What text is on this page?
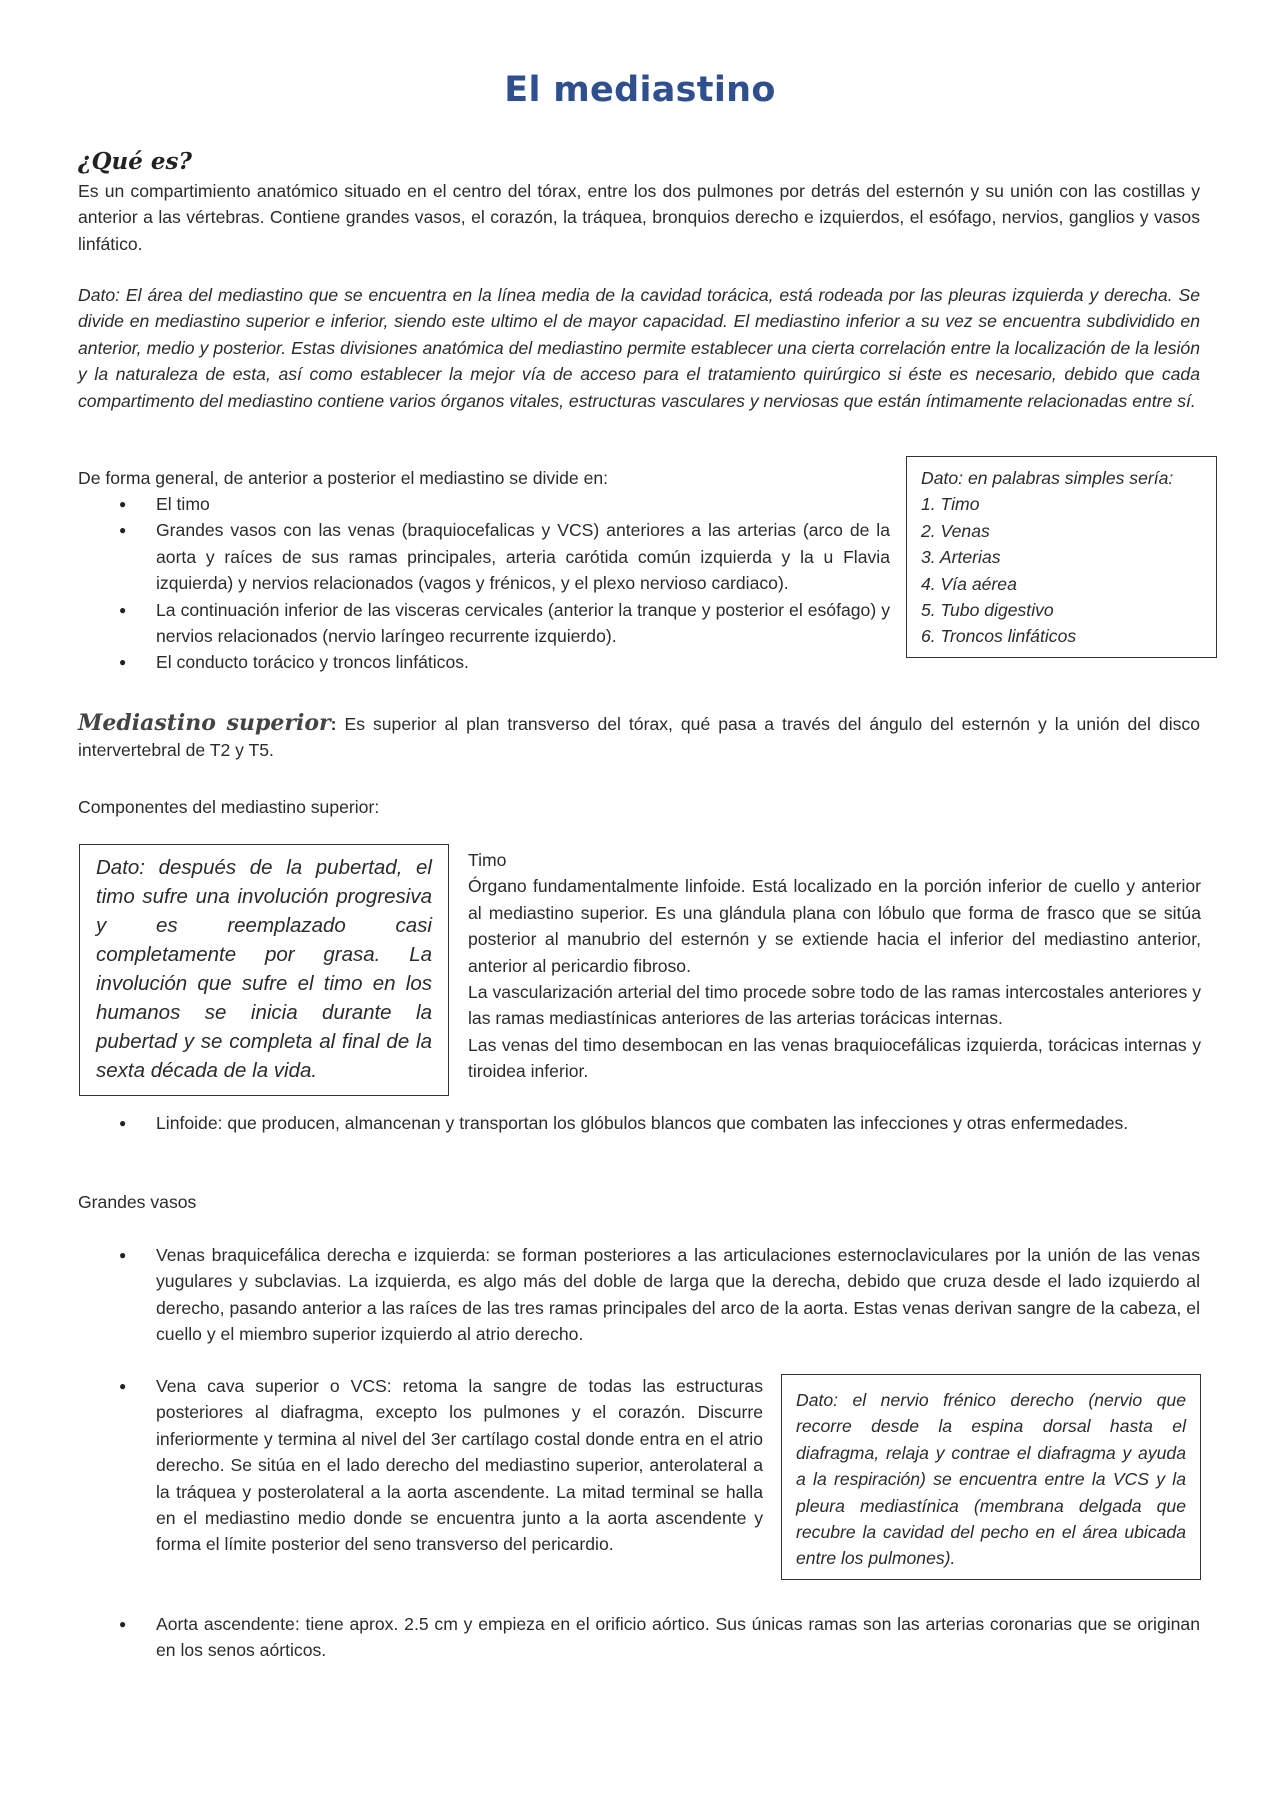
El mediastino
¿Qué es?
Es un compartimiento anatómico situado en el centro del tórax, entre los dos pulmones por detrás del esternón y su unión con las costillas y anterior a las vértebras. Contiene grandes vasos, el corazón, la tráquea, bronquios derecho e izquierdos, el esófago, nervios, ganglios y vasos linfático.
Dato: El área del mediastino que se encuentra en la línea media de la cavidad torácica, está rodeada por las pleuras izquierda y derecha. Se divide en mediastino superior e inferior, siendo este ultimo el de mayor capacidad. El mediastino inferior a su vez se encuentra subdividido en anterior, medio y posterior. Estas divisiones anatómica del mediastino permite establecer una cierta correlación entre la localización de la lesión y la naturaleza de esta, así como establecer la mejor vía de acceso para el tratamiento quirúrgico si éste es necesario, debido que cada compartimento del mediastino contiene varios órganos vitales, estructuras vasculares y nerviosas que están íntimamente relacionadas entre sí.
De forma general, de anterior a posterior el mediastino se divide en:
● El timo
● Grandes vasos con las venas (braquiocefalicas y VCS) anteriores a las arterias (arco de la aorta y raíces de sus ramas principales, arteria carótida común izquierda y la u Flavia izquierda) y nervios relacionados (vagos y frénicos, y el plexo nervioso cardiaco).
● La continuación inferior de las visceras cervicales (anterior la tranque y posterior el esófago) y nervios relacionados (nervio laríngeo recurrente izquierdo).
● El conducto torácico y troncos linfáticos.
Dato: en palabras simples sería:
1. Timo
2. Venas
3. Arterias
4. Vía aérea
5. Tubo digestivo
6. Troncos linfáticos
Mediastino superior: Es superior al plan transverso del tórax, qué pasa a través del ángulo del esternón y la unión del disco intervertebral de T2 y T5.
Componentes del mediastino superior:
Dato: después de la pubertad, el timo sufre una involución progresiva y es reemplazado casi completamente por grasa. La involución que sufre el timo en los humanos se inicia durante la pubertad y se completa al final de la sexta década de la vida.
Timo
Órgano fundamentalmente linfoide. Está localizado en la porción inferior de cuello y anterior al mediastino superior. Es una glándula plana con lóbulo que forma de frasco que se sitúa posterior al manubrio del esternón y se extiende hacia el inferior del mediastino anterior, anterior al pericardio fibroso.
La vascularización arterial del timo procede sobre todo de las ramas intercostales anteriores y las ramas mediastínicas anteriores de las arterias torácicas internas.
Las venas del timo desembocan en las venas braquiocefálicas izquierda, torácicas internas y tiroidea inferior.
● Linfoide: que producen, almancenan y transportan los glóbulos blancos que combaten las infecciones y otras enfermedades.
Grandes vasos
● Venas braquicefálica derecha e izquierda: se forman posteriores a las articulaciones esternoclaviculares por la unión de las venas yugulares y subclavias. La izquierda, es algo más del doble de larga que la derecha, debido que cruza desde el lado izquierdo al derecho, pasando anterior a las raíces de las tres ramas principales del arco de la aorta. Estas venas derivan sangre de la cabeza, el cuello y el miembro superior izquierdo al atrio derecho.
● Vena cava superior o VCS: retoma la sangre de todas las estructuras posteriores al diafragma, excepto los pulmones y el corazón. Discurre inferiormente y termina al nivel del 3er cartílago costal donde entra en el atrio derecho. Se sitúa en el lado derecho del mediastino superior, anterolateral a la tráquea y posterolateral a la aorta ascendente. La mitad terminal se halla en el mediastino medio donde se encuentra junto a la aorta ascendente y forma el límite posterior del seno transverso del pericardio.
Dato: el nervio frénico derecho (nervio que recorre desde la espina dorsal hasta el diafragma, relaja y contrae el diafragma y ayuda a la respiración) se encuentra entre la VCS y la pleura mediastínica (membrana delgada que recubre la cavidad del pecho en el área ubicada entre los pulmones).
● Aorta ascendente: tiene aprox. 2.5 cm y empieza en el orificio aórtico. Sus únicas ramas son las arterias coronarias que se originan en los senos aórticos.
